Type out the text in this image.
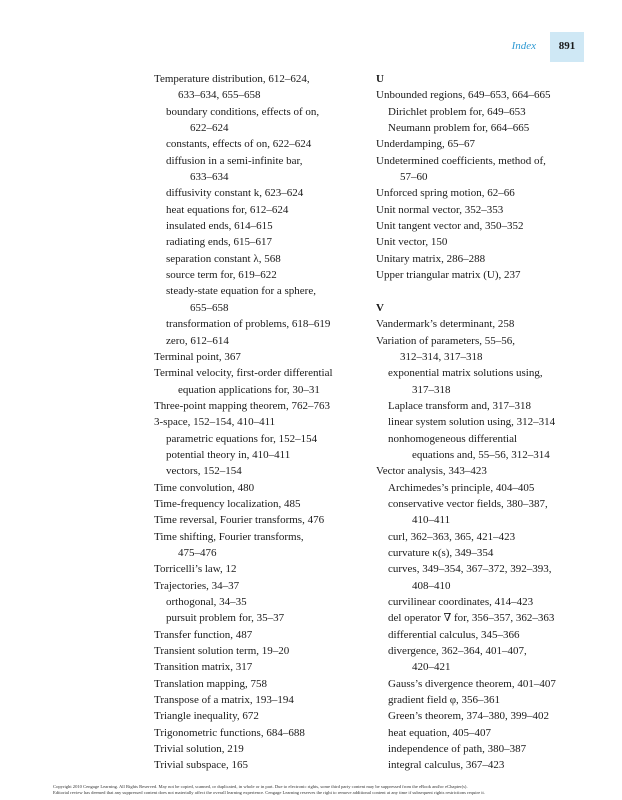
Index	891
Temperature distribution, 612–624,
633–634, 655–658
boundary conditions, effects of on,
622–624
constants, effects of on, 622–624
diffusion in a semi-infinite bar,
633–634
diffusivity constant k, 623–624
heat equations for, 612–624
insulated ends, 614–615
radiating ends, 615–617
separation constant λ, 568
source term for, 619–622
steady-state equation for a sphere,
655–658
transformation of problems, 618–619
zero, 612–614
Terminal point, 367
Terminal velocity, first-order differential
equation applications for, 30–31
Three-point mapping theorem, 762–763
3-space, 152–154, 410–411
parametric equations for, 152–154
potential theory in, 410–411
vectors, 152–154
Time convolution, 480
Time-frequency localization, 485
Time reversal, Fourier transforms, 476
Time shifting, Fourier transforms,
475–476
Torricelli’s law, 12
Trajectories, 34–37
orthogonal, 34–35
pursuit problem for, 35–37
Transfer function, 487
Transient solution term, 19–20
Transition matrix, 317
Translation mapping, 758
Transpose of a matrix, 193–194
Triangle inequality, 672
Trigonometric functions, 684–688
Trivial solution, 219
Trivial subspace, 165
U
Unbounded regions, 649–653, 664–665
Dirichlet problem for, 649–653
Neumann problem for, 664–665
Underdamping, 65–67
Undetermined coefficients, method of,
57–60
Unforced spring motion, 62–66
Unit normal vector, 352–353
Unit tangent vector and, 350–352
Unit vector, 150
Unitary matrix, 286–288
Upper triangular matrix (U), 237
V
Vandermark’s determinant, 258
Variation of parameters, 55–56,
312–314, 317–318
exponential matrix solutions using,
317–318
Laplace transform and, 317–318
linear system solution using, 312–314
nonhomogeneous differential
equations and, 55–56, 312–314
Vector analysis, 343–423
Archimedes’s principle, 404–405
conservative vector fields, 380–387,
410–411
curl, 362–363, 365, 421–423
curvature κ(s), 349–354
curves, 349–354, 367–372, 392–393,
408–410
curvilinear coordinates, 414–423
del operator ∇ for, 356–357, 362–363
differential calculus, 345–366
divergence, 362–364, 401–407,
420–421
Gauss’s divergence theorem, 401–407
gradient field φ, 356–361
Green’s theorem, 374–380, 399–402
heat equation, 405–407
independence of path, 380–387
integral calculus, 367–423
Copyright 2010 Cengage Learning. All Rights Reserved. May not be copied, scanned, or duplicated, in whole or in part. Due to electronic rights, some third party content may be suppressed from the eBook and/or eChapter(s).
Editorial review has deemed that any suppressed content does not materially affect the overall learning experience. Cengage Learning reserves the right to remove additional content at any time if subsequent rights restrictions require it.
